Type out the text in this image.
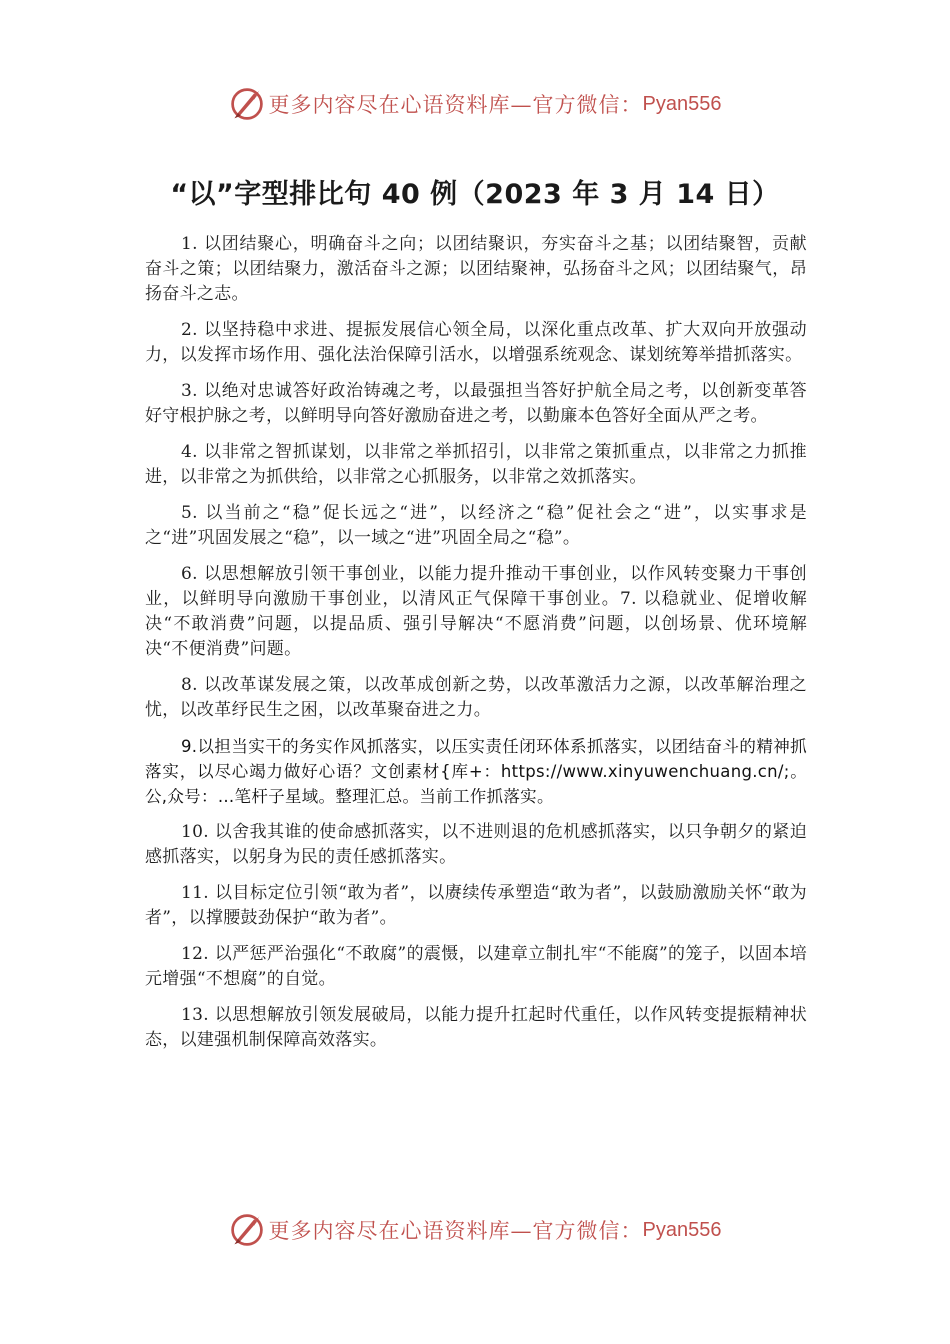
更多内容尽在心语资料库—官方微信： Pyan556
“以”字型排比句 40 例（2023 年 3 月 14 日）

1. 以团结聚心，明确奋斗之向；以团结聚识，夯实奋斗之基；以团结聚智，贡献奋斗之策；以团结聚力，激活奋斗之源；以团结聚神，弘扬奋斗之风；以团结聚气，昂扬奋斗之志。

2. 以坚持稳中求进、提振发展信心领全局，以深化重点改革、扩大双向开放强动力，以发挥市场作用、强化法治保障引活水，以增强系统观念、谋划统筹举措抓落实。

3. 以绝对忠诚答好政治铸魂之考，以最强担当答好护航全局之考，以创新变革答好守根护脉之考，以鲜明导向答好激励奋进之考，以勤廉本色答好全面从严之考。

4. 以非常之智抓谋划，以非常之举抓招引，以非常之策抓重点，以非常之力抓推进，以非常之为抓供给，以非常之心抓服务，以非常之效抓落实。

5. 以当前之“稳”促长远之“进”，以经济之“稳”促社会之“进”，以实事求是之“进”巩固发展之“稳”，以一域之“进”巩固全局之“稳”。

6. 以思想解放引领干事创业，以能力提升推动干事创业，以作风转变聚力干事创业，以鲜明导向激励干事创业，以清风正气保障干事创业。7. 以稳就业、促增收解决“不敢消费”问题，以提品质、强引导解决“不愿消费”问题，以创场景、优环境解决“不便消费”问题。

8. 以改革谋发展之策，以改革成创新之势，以改革激活力之源，以改革解治理之忧，以改革纾民生之困，以改革聚奋进之力。

9.以担当实干的务实作风抓落实，以压实责任闭环体系抓落实，以团结奋斗的精神抓落实，以尽心竭力做好心语？文创素材{库+：https://www.xinyuwenchuang.cn/;。公,众号：…笔杆子星域。整理汇总。当前工作抓落实。

10. 以舍我其谁的使命感抓落实，以不进则退的危机感抓落实，以只争朝夕的紧迫感抓落实，以躬身为民的责任感抓落实。

11. 以目标定位引领“敢为者”，以赓续传承塑造“敢为者”，以鼓励激励关怀“敢为者”，以撑腰鼓劲保护“敢为者”。

12. 以严惩严治强化“不敢腐”的震慑，以建章立制扎牢“不能腐”的笼子，以固本培元增强“不想腐”的自觉。

13. 以思想解放引领发展破局，以能力提升扛起时代重任，以作风转变提振精神状态，以建强机制保障高效落实。

更多内容尽在心语资料库—官方微信： Pyan556
